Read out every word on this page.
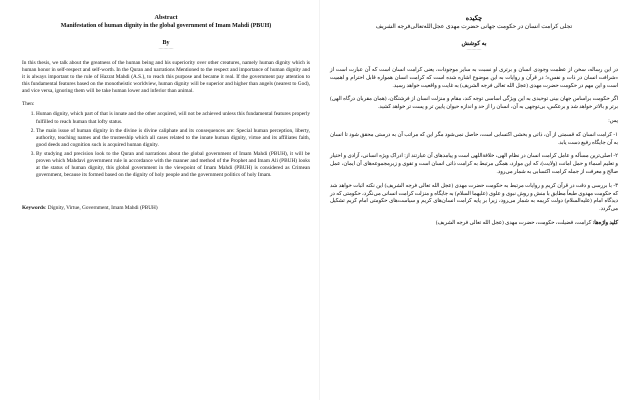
Abstract
Manifestation of human dignity in the global government of Imam Mahdi (PBUH)
By
............
In this thesis, we talk about the greatness of the human being and his superiority over other creatures, namely human dignity which is human honor in self-respect and self-worth. In the Quran and narrations Mentioned to the respect and importance of human dignity and it is always important to the rule of Hazrat Mahdi (A.S.), to reach this purpose and became it real. If the government pay attention to this fundamental features based on the monotheistic worldview, human dignity will be superior and higher than angels (nearest to God), and vice versa, ignoring them will be take human lower and inferior than animal.
Then:
1. Human dignity, which part of that is innate and the other acquired, will not be achieved unless this fundamental features properly fulfilled to reach human that lofty status.
2. The main issue of human dignity in the divine is divine caliphate and its consequences are: Special human perception, liberty, authority, teaching names and the trusteeship which all cases related to the innate human dignity, virtue and its affiliates faith, good deeds and cognition such is acquired human dignity.
3. By studying and precision look to the Quran and narrations about the global government of Imam Mahdi (PBUH), it will be proven which Mahdavi government rule in accordance with the manner and method of the Prophet and Imam Ali (PBUH) looks at the status of human dignity, this global government in the viewpoint of Imam Mahdi (PBUH) is considered as Crimean government, because its formed based on the dignity of holy people and the government politics of holy Imam.
Keywords: Dignity, Virtue, Government, Imam Mahdi (PBUH)
چکیده
تجلی کرامت انسان در حکومت جهانی حضرت مهدی عجل‌الله‌تعالی‌فرجه الشریف
به کوشش
............
در این رساله، سخن از عظمت وجودی انسان و برتری او نسبت به سایر موجودات، یعنی کرامت انسان است که آن عبارت است از «شرافت انسان در ذات و نفس»؛ در قرآن و روایات به این موضوع اشاره شده است که کرامت انسان همواره قابل احترام و اهمیت است و این مهم در حکومت حضرت مهدی (عجل الله تعالی فرجه الشریف) به غایت و واقعیت خواهد رسید.
اگر حکومت براساس جهان بینی توحیدی به این ویژگی اساسی توجه کند، مقام و منزلت انسان از فرشتگان، (همان مقربان درگاه الهی) برتر و بالاتر خواهد شد و برعکس، بی‌توجهی به آن، انسان را از حد و اندازه حیوان پایین تر و پست تر خواهد کشید.
پس:
۱- کرامت انسان که قسمتی از آن، ذاتی و بخشی اکتسابی است، حاصل نمی‌شود مگر این که مراتب آن به درستی محقق شود تا انسان به آن جایگاه رفیع دست یابد.
۲- اصلی‌ترین مسأله و عامل کرامت انسان در نظام الهی، خلافة‌اللهی است و پیامدهای آن عبارتند از: ادراک ویژه انسانی، آزادی و اختیار و تعلیم اسماء و حمل امانت (ولایت)، که این موارد، همگی مرتبط به کرامت ذاتی انسان است و تقوی و زیرمجموعه‌های آن ایمان، عمل صالح و معرفت از جمله کرامت اکتسابی به شمار می‌رود.
۳- با بررسی و دقت در قرآن کریم و روایات مرتبط به حکومت حضرت مهدی (عجل الله تعالی فرجه الشریف) این نکته اثبات خواهد شد که حکومت مهدوی طبعاً مطابق با منش و روش نبوی و علوی (علیهما السلام) به جایگاه و منزلت کرامت انسانی می‌نگرد، حکومتی که در دیدگاه امام (علیه‌السلام) دولت کریمه به شمار می‌رود، زیرا بر پایه کرامت انسان‌های کریم و سیاست‌های حکومتی امام کریم تشکیل می‌گردد.
کلید واژه‌ها: کرامت، فضیلت، حکومت، حضرت مهدی (عجل الله تعالی فرجه الشریف)
